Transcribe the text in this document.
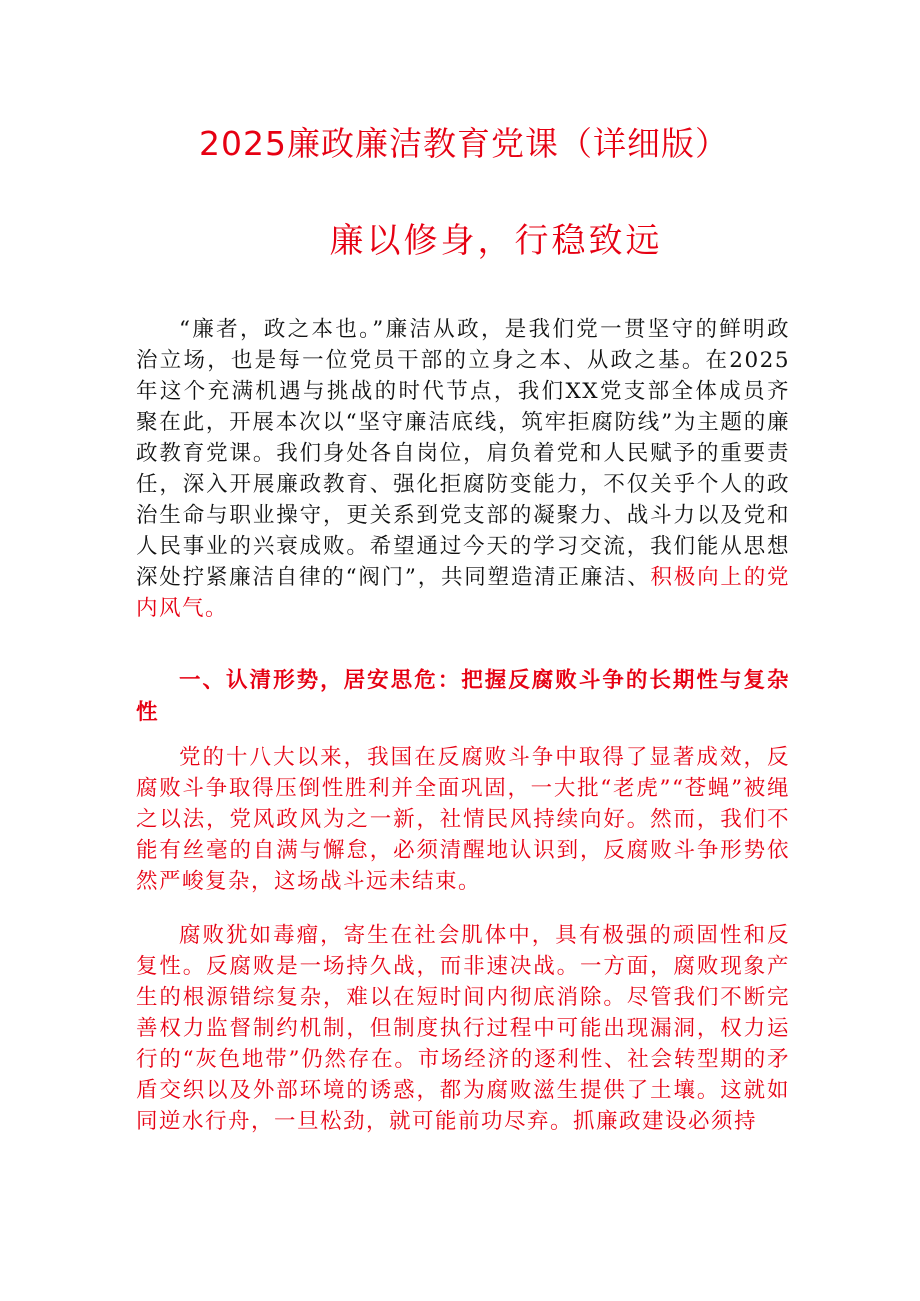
2025廉政廉洁教育党课（详细版）
廉以修身，行稳致远

“廉者，政之本也。”廉洁从政，是我们党一贯坚守的鲜明政治立场，也是每一位党员干部的立身之本、从政之基。在2025年这个充满机遇与挑战的时代节点，我们XX党支部全体成员齐聚在此，开展本次以“坚守廉洁底线，筑牢拒腐防线”为主题的廉政教育党课。我们身处各自岗位，肩负着党和人民赋予的重要责任，深入开展廉政教育、强化拒腐防变能力，不仅关乎个人的政治生命与职业操守，更关系到党支部的凝聚力、战斗力以及党和人民事业的兴衰成败。希望通过今天的学习交流，我们能从思想深处拧紧廉洁自律的“阀门”，共同塑造清正廉洁、积极向上的党内风气。

一、认清形势，居安思危：把握反腐败斗争的长期性与复杂性

党的十八大以来，我国在反腐败斗争中取得了显著成效，反腐败斗争取得压倒性胜利并全面巩固，一大批“老虎”“苍蝇”被绳之以法，党风政风为之一新，社情民风持续向好。然而，我们不能有丝毫的自满与懈怠，必须清醒地认识到，反腐败斗争形势依然严峻复杂，这场战斗远未结束。

腐败犹如毒瘤，寄生在社会肌体中，具有极强的顽固性和反复性。反腐败是一场持久战，而非速决战。一方面，腐败现象产生的根源错综复杂，难以在短时间内彻底消除。尽管我们不断完善权力监督制约机制，但制度执行过程中可能出现漏洞，权力运行的“灰色地带”仍然存在。市场经济的逐利性、社会转型期的矛盾交织以及外部环境的诱惑，都为腐败滋生提供了土壤。这就如同逆水行舟，一旦松劲，就可能前功尽弃。抓廉政建设必须持
